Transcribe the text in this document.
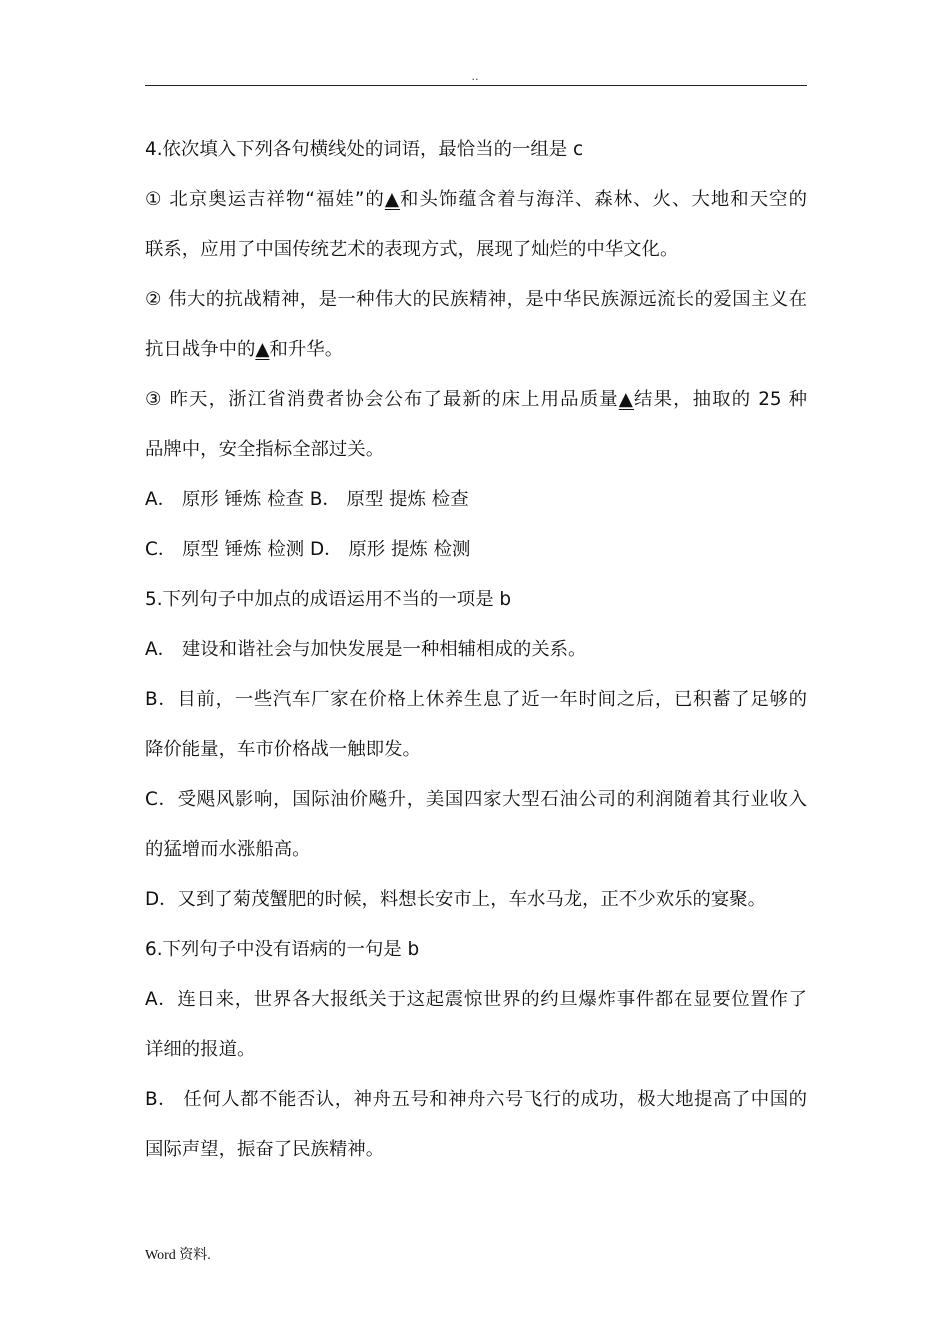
..
4.依次填入下列各句横线处的词语，最恰当的一组是 c
① 北京奥运吉祥物“福娃”的▲和头饰蕴含着与海洋、森林、火、大地和天空的
联系，应用了中国传统艺术的表现方式，展现了灿烂的中华文化。
② 伟大的抗战精神，是一种伟大的民族精神，是中华民族源远流长的爱国主义在
抗日战争中的▲和升华。
③ 昨天，浙江省消费者协会公布了最新的床上用品质量▲结果，抽取的 25 种
品牌中，安全指标全部过关。
A． 原形 锤炼 检查 B． 原型 提炼 检查
C． 原型 锤炼 检测 D． 原形 提炼 检测
5.下列句子中加点的成语运用不当的一项是 b
A． 建设和谐社会与加快发展是一种相辅相成的关系。
B．目前，一些汽车厂家在价格上休养生息了近一年时间之后，已积蓄了足够的
降价能量，车市价格战一触即发。
C．受飓风影响，国际油价飚升，美国四家大型石油公司的利润随着其行业收入
的猛增而水涨船高。
D．又到了菊茂蟹肥的时候，料想长安市上，车水马龙，正不少欢乐的宴聚。
6.下列句子中没有语病的一句是 b
A．连日来，世界各大报纸关于这起震惊世界的约旦爆炸事件都在显要位置作了
详细的报道。
B． 任何人都不能否认，神舟五号和神舟六号飞行的成功，极大地提高了中国的
国际声望，振奋了民族精神。
Word 资料.
